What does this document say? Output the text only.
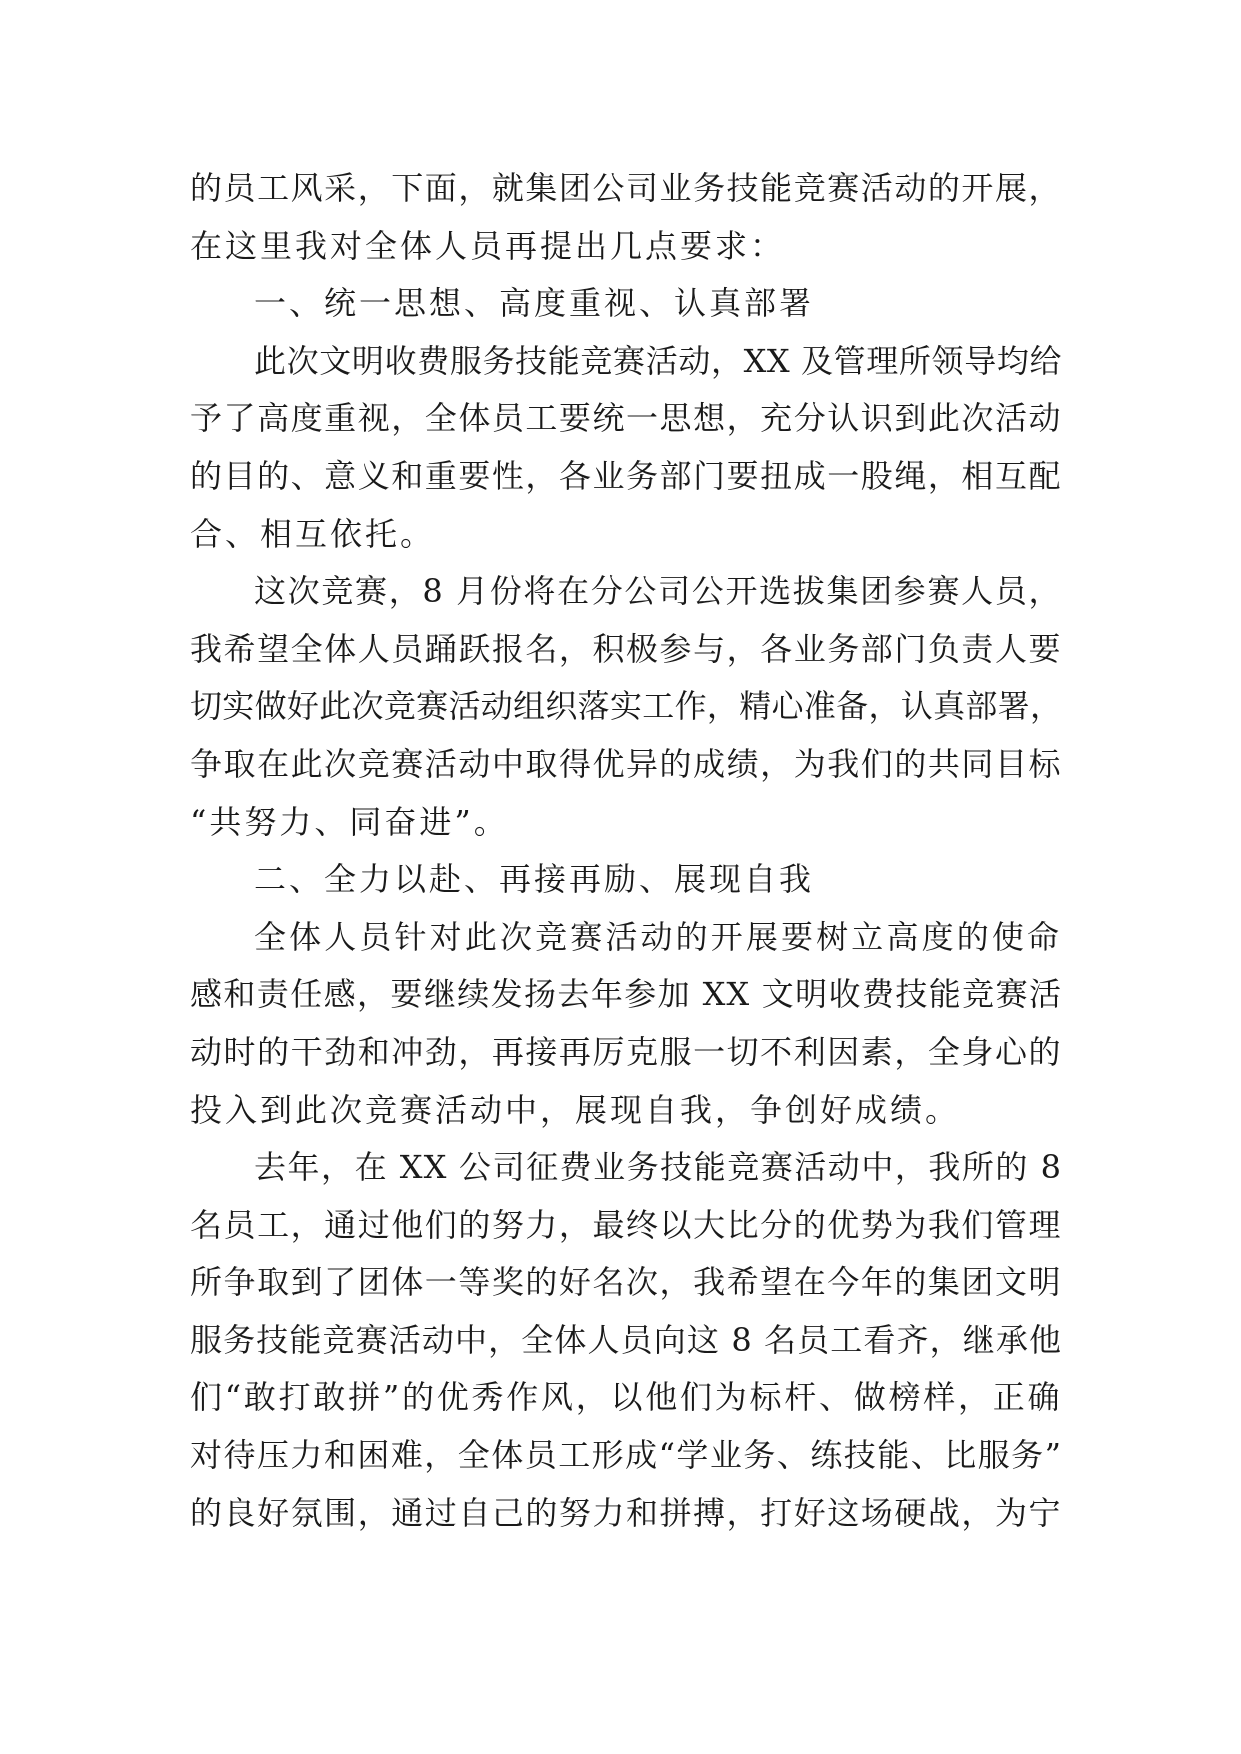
的员工风采，下面，就集团公司业务技能竞赛活动的开展，
在这里我对全体人员再提出几点要求：
一、统一思想、高度重视、认真部署
此次文明收费服务技能竞赛活动，XX 及管理所领导均给
予了高度重视，全体员工要统一思想，充分认识到此次活动
的目的、意义和重要性，各业务部门要扭成一股绳，相互配
合、相互依托。
这次竞赛，8 月份将在分公司公开选拔集团参赛人员，
我希望全体人员踊跃报名，积极参与，各业务部门负责人要
切实做好此次竞赛活动组织落实工作，精心准备，认真部署，
争取在此次竞赛活动中取得优异的成绩，为我们的共同目标
“共努力、同奋进”。
二、全力以赴、再接再励、展现自我
全体人员针对此次竞赛活动的开展要树立高度的使命
感和责任感，要继续发扬去年参加 XX 文明收费技能竞赛活
动时的干劲和冲劲，再接再厉克服一切不利因素，全身心的
投入到此次竞赛活动中，展现自我，争创好成绩。
去年，在 XX 公司征费业务技能竞赛活动中，我所的 8
名员工，通过他们的努力，最终以大比分的优势为我们管理
所争取到了团体一等奖的好名次，我希望在今年的集团文明
服务技能竞赛活动中，全体人员向这 8 名员工看齐，继承他
们“敢打敢拼”的优秀作风，以他们为标杆、做榜样，正确
对待压力和困难，全体员工形成“学业务、练技能、比服务”
的良好氛围，通过自己的努力和拼搏，打好这场硬战，为宁
